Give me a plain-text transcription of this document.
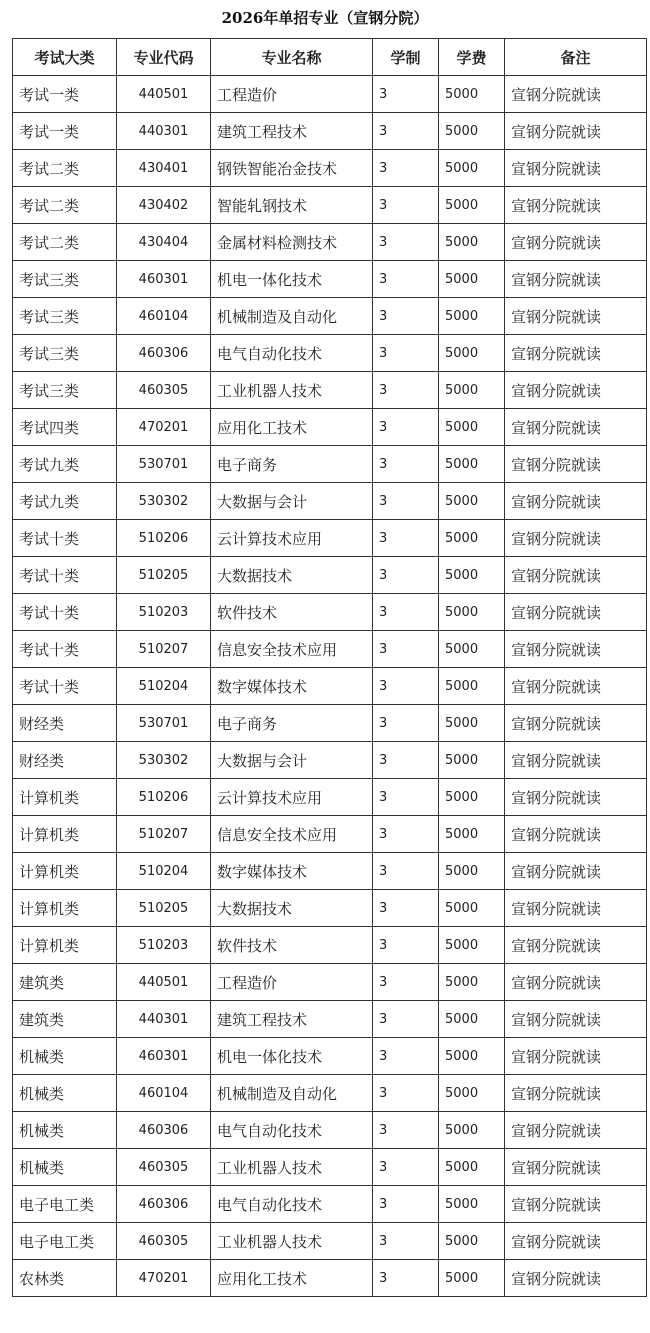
2026年单招专业（宣钢分院）
考试大类	专业代码	专业名称	学制	学费	备注
考试一类	440501	工程造价	3	5000	宣钢分院就读
考试一类	440301	建筑工程技术	3	5000	宣钢分院就读
考试二类	430401	钢铁智能冶金技术	3	5000	宣钢分院就读
考试二类	430402	智能轧钢技术	3	5000	宣钢分院就读
考试二类	430404	金属材料检测技术	3	5000	宣钢分院就读
考试三类	460301	机电一体化技术	3	5000	宣钢分院就读
考试三类	460104	机械制造及自动化	3	5000	宣钢分院就读
考试三类	460306	电气自动化技术	3	5000	宣钢分院就读
考试三类	460305	工业机器人技术	3	5000	宣钢分院就读
考试四类	470201	应用化工技术	3	5000	宣钢分院就读
考试九类	530701	电子商务	3	5000	宣钢分院就读
考试九类	530302	大数据与会计	3	5000	宣钢分院就读
考试十类	510206	云计算技术应用	3	5000	宣钢分院就读
考试十类	510205	大数据技术	3	5000	宣钢分院就读
考试十类	510203	软件技术	3	5000	宣钢分院就读
考试十类	510207	信息安全技术应用	3	5000	宣钢分院就读
考试十类	510204	数字媒体技术	3	5000	宣钢分院就读
财经类	530701	电子商务	3	5000	宣钢分院就读
财经类	530302	大数据与会计	3	5000	宣钢分院就读
计算机类	510206	云计算技术应用	3	5000	宣钢分院就读
计算机类	510207	信息安全技术应用	3	5000	宣钢分院就读
计算机类	510204	数字媒体技术	3	5000	宣钢分院就读
计算机类	510205	大数据技术	3	5000	宣钢分院就读
计算机类	510203	软件技术	3	5000	宣钢分院就读
建筑类	440501	工程造价	3	5000	宣钢分院就读
建筑类	440301	建筑工程技术	3	5000	宣钢分院就读
机械类	460301	机电一体化技术	3	5000	宣钢分院就读
机械类	460104	机械制造及自动化	3	5000	宣钢分院就读
机械类	460306	电气自动化技术	3	5000	宣钢分院就读
机械类	460305	工业机器人技术	3	5000	宣钢分院就读
电子电工类	460306	电气自动化技术	3	5000	宣钢分院就读
电子电工类	460305	工业机器人技术	3	5000	宣钢分院就读
农林类	470201	应用化工技术	3	5000	宣钢分院就读
